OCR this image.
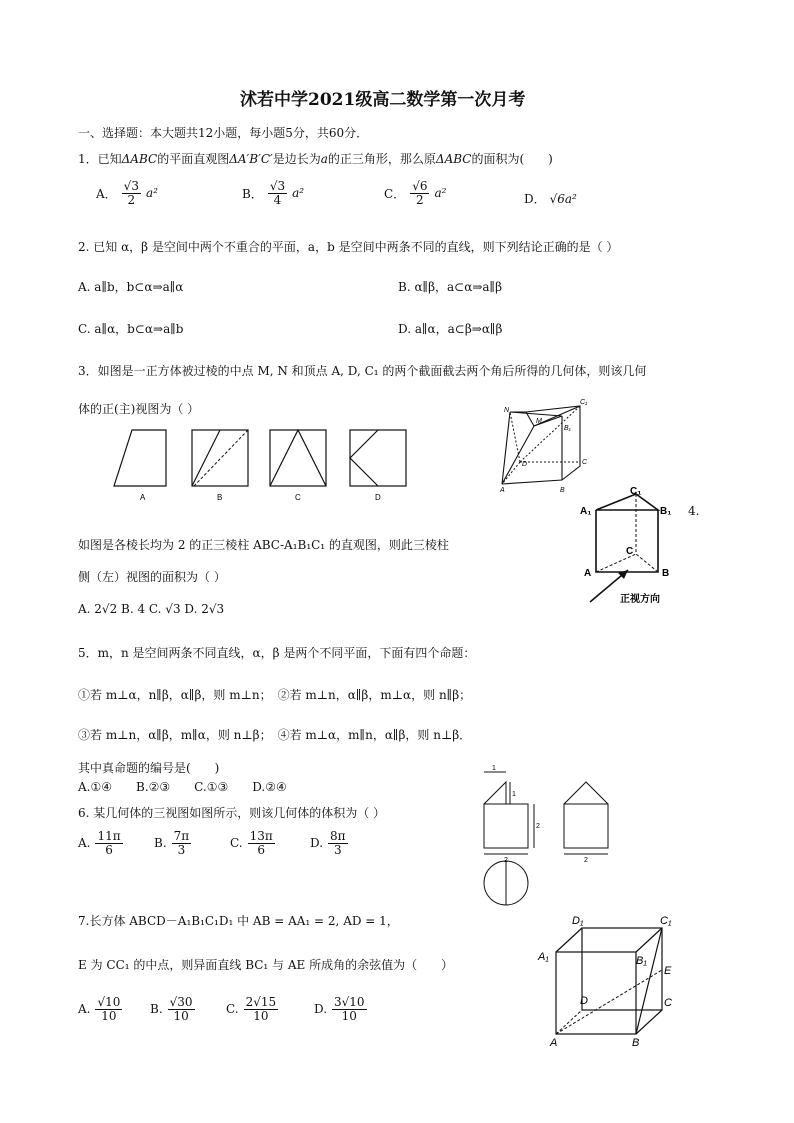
沭若中学2021级高二数学第一次月考
一、选择题：本大题共12小题，每小题5分，共60分．
1．已知ΔABC的平面直观图ΔA′B′C′是边长为a的正三角形，那么原ΔABC的面积为(　　)
A． $\frac{√3}{2} a^2$	B． $\frac{√3}{4} a^2$	C． $\frac{√6}{2} a^2$	D． √6a²
2. 已知 α，β 是空间中两个不重合的平面，a，b 是空间中两条不同的直线，则下列结论正确的是（ ）
A. a∥b，b⊂α⇒a∥α	B. α∥β，a⊂α⇒a∥β
C. a∥α，b⊂α⇒a∥b	D. a∥α，a⊂β⇒α∥β
3．如图是一正方体被过棱的中点 M, N 和顶点 A, D, C₁ 的两个截面截去两个角后所得的几何体，则该几何
体的正(主)视图为（ ）
A	B	C	D
N
M
C₁
B₁
D	C
A	B	C₁
A₁	B₁
C
A	B
正视方向
4.
如图是各棱长均为 2 的正三棱柱 ABC-A₁B₁C₁ 的直观图，则此三棱柱
侧（左）视图的面积为（ ）
A. 2√2 B. 4 C. √3 D. 2√3
5．m，n 是空间两条不同直线，α，β 是两个不同平面，下面有四个命题：
①若 m⊥α，n∥β，α∥β，则 m⊥n；　②若 m⊥n，α∥β，m⊥α，则 n∥β；
③若 m⊥n，α∥β，m∥α，则 n⊥β；　④若 m⊥α，m∥n，α∥β，则 n⊥β．
其中真命题的编号是(　　)
A.①④　　B.②③　　C.①③　　D.②④
1
1
2
2	2
6. 某几何体的三视图如图所示，则该几何体的体积为（ ）
A. $\frac{11\pi}{6}$	B. $\frac{7\pi}{3}$	C. $\frac{13\pi}{6}$	D. $\frac{8\pi}{3}$
7.长方体 ABCD－A₁B₁C₁D₁ 中 AB = AA₁ = 2, AD = 1，
E 为 CC₁ 的中点，则异面直线 BC₁ 与 AE 所成角的余弦值为（　　）
A. $\frac{√10}{10} B$. $\frac{√30}{10}$	C. $\frac{2√15}{10}$	D. $\frac{3√10}{10}$
D₁	C₁
A₁	B₁
E
D	C
A	B
